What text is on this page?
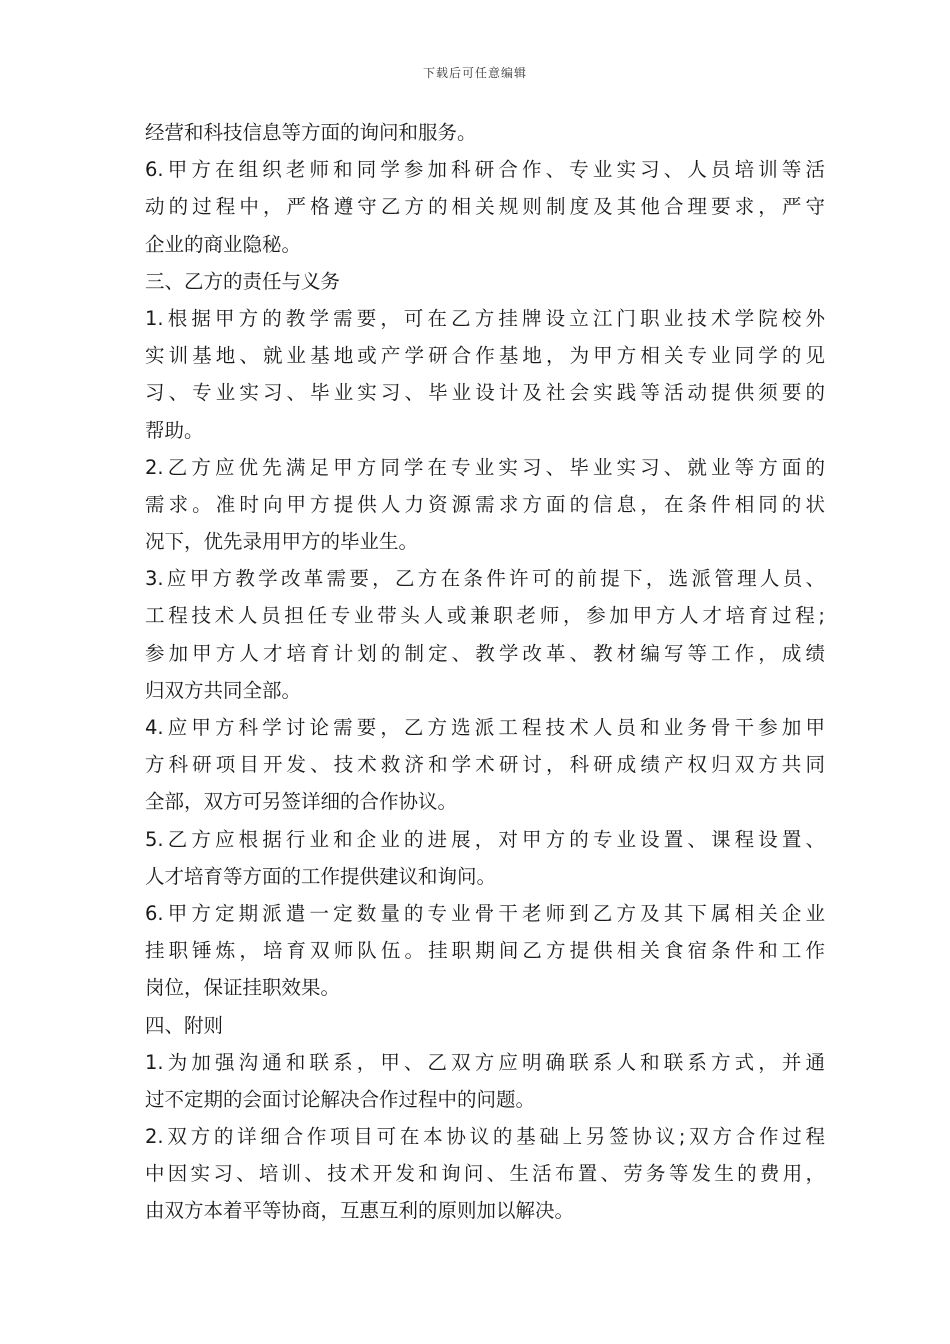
下载后可任意编辑
经营和科技信息等方面的询问和服务。
6.甲方在组织老师和同学参加科研合作、专业实习、人员培训等活
动的过程中，严格遵守乙方的相关规则制度及其他合理要求，严守
企业的商业隐秘。
三、乙方的责任与义务
1.根据甲方的教学需要，可在乙方挂牌设立江门职业技术学院校外
实训基地、就业基地或产学研合作基地，为甲方相关专业同学的见
习、专业实习、毕业实习、毕业设计及社会实践等活动提供须要的
帮助。
2.乙方应优先满足甲方同学在专业实习、毕业实习、就业等方面的
需求。准时向甲方提供人力资源需求方面的信息，在条件相同的状
况下，优先录用甲方的毕业生。
3.应甲方教学改革需要，乙方在条件许可的前提下，选派管理人员、
工程技术人员担任专业带头人或兼职老师，参加甲方人才培育过程;
参加甲方人才培育计划的制定、教学改革、教材编写等工作，成绩
归双方共同全部。
4.应甲方科学讨论需要，乙方选派工程技术人员和业务骨干参加甲
方科研项目开发、技术救济和学术研讨，科研成绩产权归双方共同
全部，双方可另签详细的合作协议。
5.乙方应根据行业和企业的进展，对甲方的专业设置、课程设置、
人才培育等方面的工作提供建议和询问。
6.甲方定期派遣一定数量的专业骨干老师到乙方及其下属相关企业
挂职锤炼，培育双师队伍。挂职期间乙方提供相关食宿条件和工作
岗位，保证挂职效果。
四、附则
1.为加强沟通和联系，甲、乙双方应明确联系人和联系方式，并通
过不定期的会面讨论解决合作过程中的问题。
2.双方的详细合作项目可在本协议的基础上另签协议;双方合作过程
中因实习、培训、技术开发和询问、生活布置、劳务等发生的费用，
由双方本着平等协商，互惠互利的原则加以解决。
